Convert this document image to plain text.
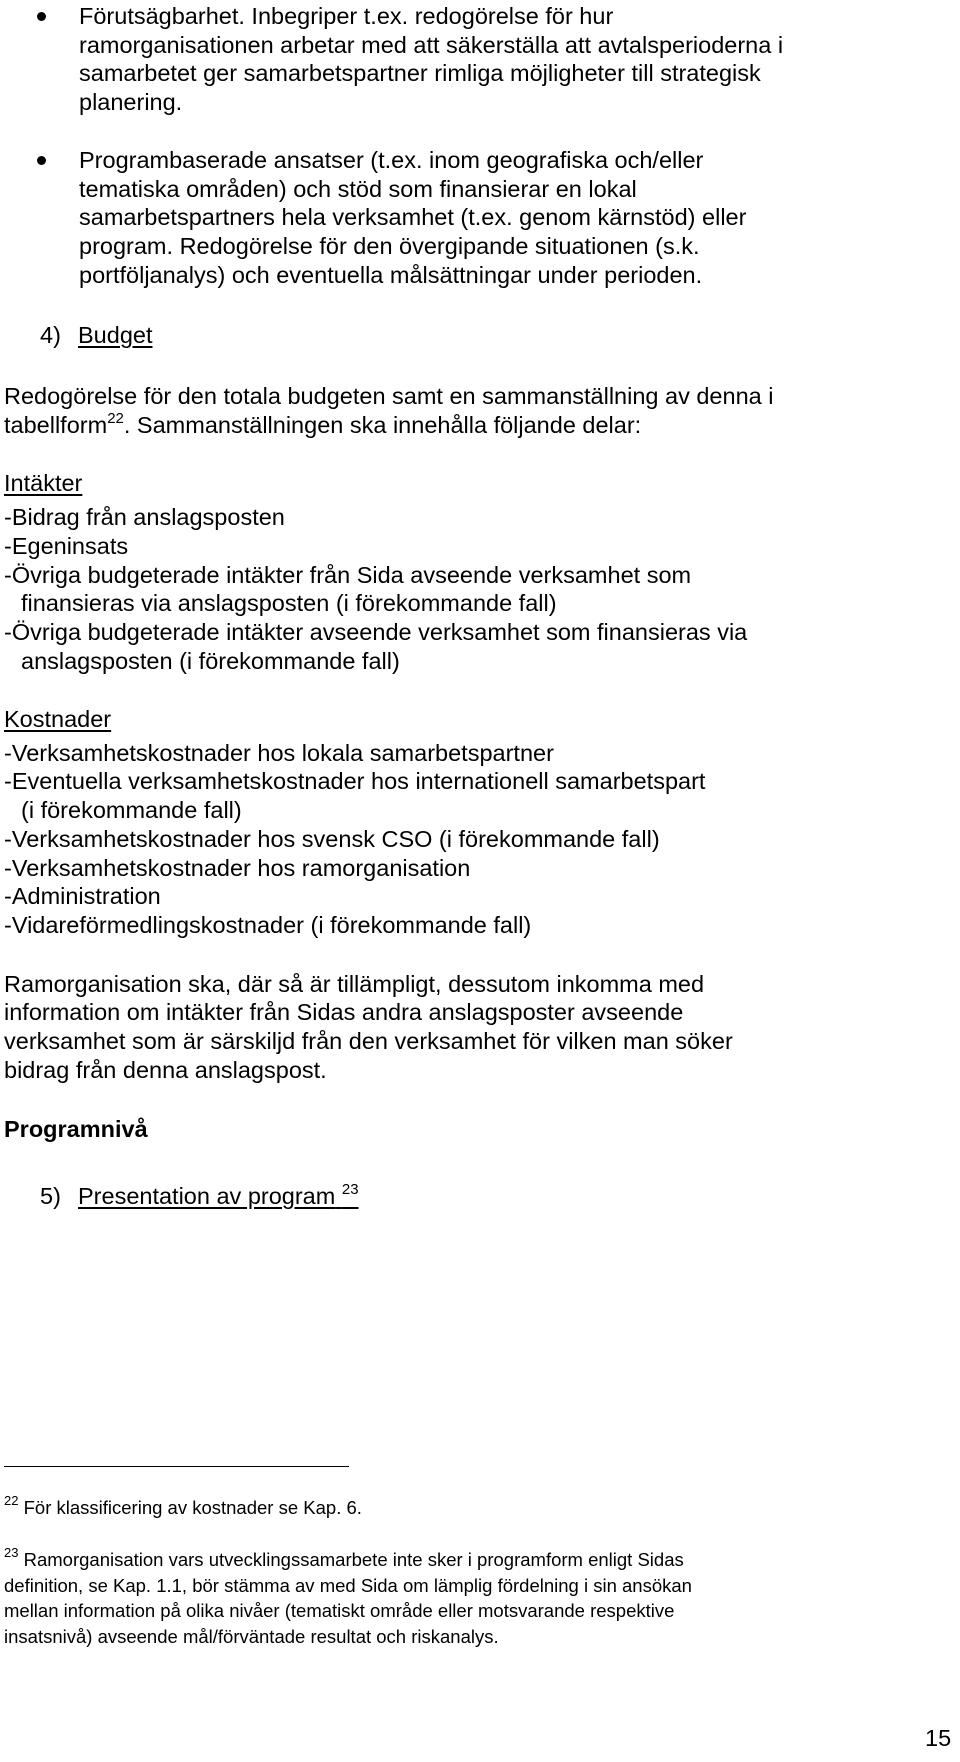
Förutsägbarhet. Inbegriper t.ex. redogörelse för hur
ramorganisationen arbetar med att säkerställa att avtalsperioderna i
samarbetet ger samarbetspartner rimliga möjligheter till strategisk
planering.
Programbaserade ansatser (t.ex. inom geografiska och/eller
tematiska områden) och stöd som finansierar en lokal
samarbetspartners hela verksamhet (t.ex. genom kärnstöd) eller
program. Redogörelse för den övergipande situationen (s.k.
portföljanalys) och eventuella målsättningar under perioden.
4) Budget
Redogörelse för den totala budgeten samt en sammanställning av denna i
tabellform$^{22}$. Sammanställningen ska innehålla följande delar:
Intäkter
-Bidrag från anslagsposten
-Egeninsats
-Övriga budgeterade intäkter från Sida avseende verksamhet som
finansieras via anslagsposten (i förekommande fall)
-Övriga budgeterade intäkter avseende verksamhet som finansieras via
anslagsposten (i förekommande fall)
Kostnader
-Verksamhetskostnader hos lokala samarbetspartner
-Eventuella verksamhetskostnader hos internationell samarbetspart
(i förekommande fall)
-Verksamhetskostnader hos svensk CSO (i förekommande fall)
-Verksamhetskostnader hos ramorganisation
-Administration
-Vidareförmedlingskostnader (i förekommande fall)
Ramorganisation ska, där så är tillämpligt, dessutom inkomma med
information om intäkter från Sidas andra anslagsposter avseende
verksamhet som är särskiljd från den verksamhet för vilken man söker
bidrag från denna anslagspost.
Programnivå
5) Presentation av program $^{23}$
$^{22}$ För klassificering av kostnader se Kap. 6.
$^{23}$ Ramorganisation vars utvecklingssamarbete inte sker i programform enligt Sidas
definition, se Kap. 1.1, bör stämma av med Sida om lämplig fördelning i sin ansökan
mellan information på olika nivåer (tematiskt område eller motsvarande respektive
insatsnivå) avseende mål/förväntade resultat och riskanalys.
15
